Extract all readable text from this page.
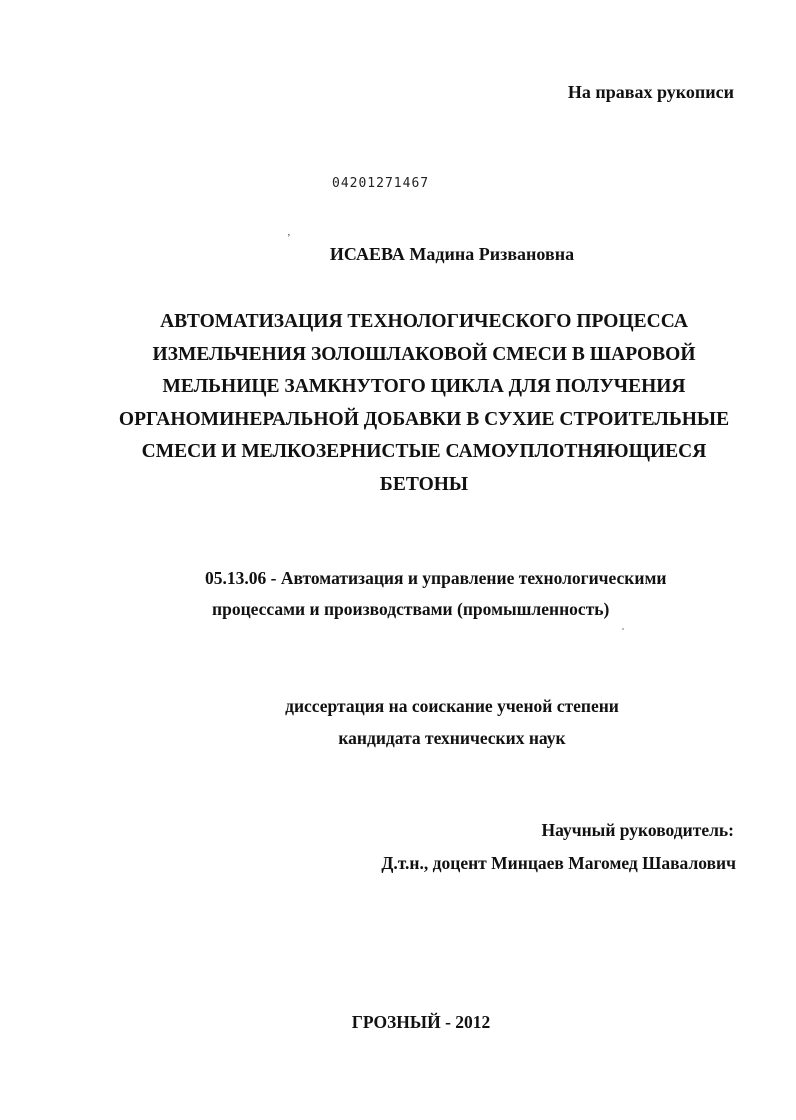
На правах рукописи
04201271467
‚
ИСАЕВА Мадина Ризвановна
АВТОМАТИЗАЦИЯ ТЕХНОЛОГИЧЕСКОГО ПРОЦЕССА
ИЗМЕЛЬЧЕНИЯ ЗОЛОШЛАКОВОЙ СМЕСИ В ШАРОВОЙ
МЕЛЬНИЦЕ ЗАМКНУТОГО ЦИКЛА ДЛЯ ПОЛУЧЕНИЯ
ОРГАНОМИНЕРАЛЬНОЙ ДОБАВКИ В СУХИЕ СТРОИТЕЛЬНЫЕ
СМЕСИ И МЕЛКОЗЕРНИСТЫЕ САМОУПЛОТНЯЮЩИЕСЯ
БЕТОНЫ
05.13.06 - Автоматизация и управление технологическими
процессами и производствами (промышленность)
диссертация на соискание ученой степени
кандидата технических наук
Научный руководитель:
Д.т.н., доцент Минцаев Магомед Шавалович
ГРОЗНЫЙ - 2012
